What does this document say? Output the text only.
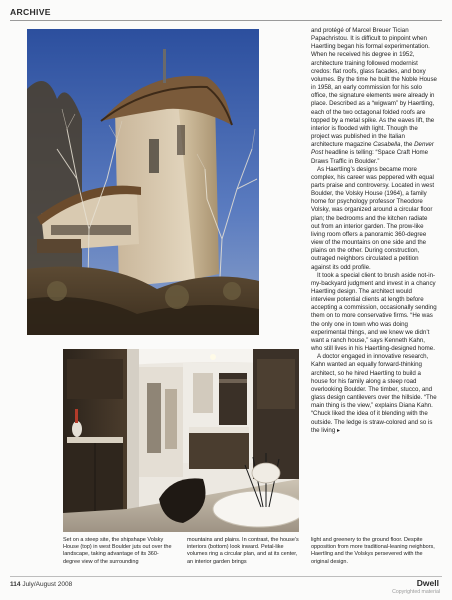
ARCHIVE

and protégé of Marcel Breuer Tician Papachristou. It is difficult to pinpoint when Haertling began his formal experimentation. When he received his degree in 1952, architecture training followed modernist credos: flat roofs, glass facades, and boxy volumes. By the time he built the Noble House in 1958, an early commission for his solo office, the signature elements were already in place. Described as a “wigwam” by Haertling, each of the two octagonal folded roofs are topped by a metal spike. As the eaves lift, the interior is flooded with light. Though the project was published in the Italian architecture magazine Casabella, the Denver Post headline is telling: “Space Craft Home Draws Traffic in Boulder.”

As Haertling’s designs became more complex, his career was peppered with equal parts praise and controversy. Located in west Boulder, the Volsky House (1964), a family home for psychology professor Theodore Volsky, was organized around a circular floor plan; the bedrooms and the kitchen radiate out from an interior garden. The prow-like living room offers a panoramic 360-degree view of the mountains on one side and the plains on the other. During construction, outraged neighbors circulated a petition against its odd profile.

It took a special client to brush aside not-in-my-backyard judgment and invest in a chancy Haertling design. The architect would interview potential clients at length before accepting a commission, occasionally sending them on to more conservative firms. “He was the only one in town who was doing experimental things, and we knew we didn’t want a ranch house,” says Kenneth Kahn, who still lives in his Haertling-designed home.

A doctor engaged in innovative research, Kahn wanted an equally forward-thinking architect, so he hired Haertling to build a house for his family along a steep road overlooking Boulder. The timber, stucco, and glass design cantilevers over the hillside. “The main thing is the view,” explains Diana Kahn. “Chuck liked the idea of it blending with the outside. The ledge is straw-colored and so is the living ▸

Set on a steep site, the shipshape Volsky House (top) in west Boulder juts out over the landscape, taking advantage of its 360-degree view of the surrounding
mountains and plains. In contrast, the house’s interiors (bottom) look inward. Petal-like volumes ring a circular plan, and at its center, an interior garden brings
light and greenery to the ground floor. Despite opposition from more traditional-leaning neighbors, Haertling and the Volskys persevered with the original design.
114 July/August 2008	Dwell
Copyrighted material
